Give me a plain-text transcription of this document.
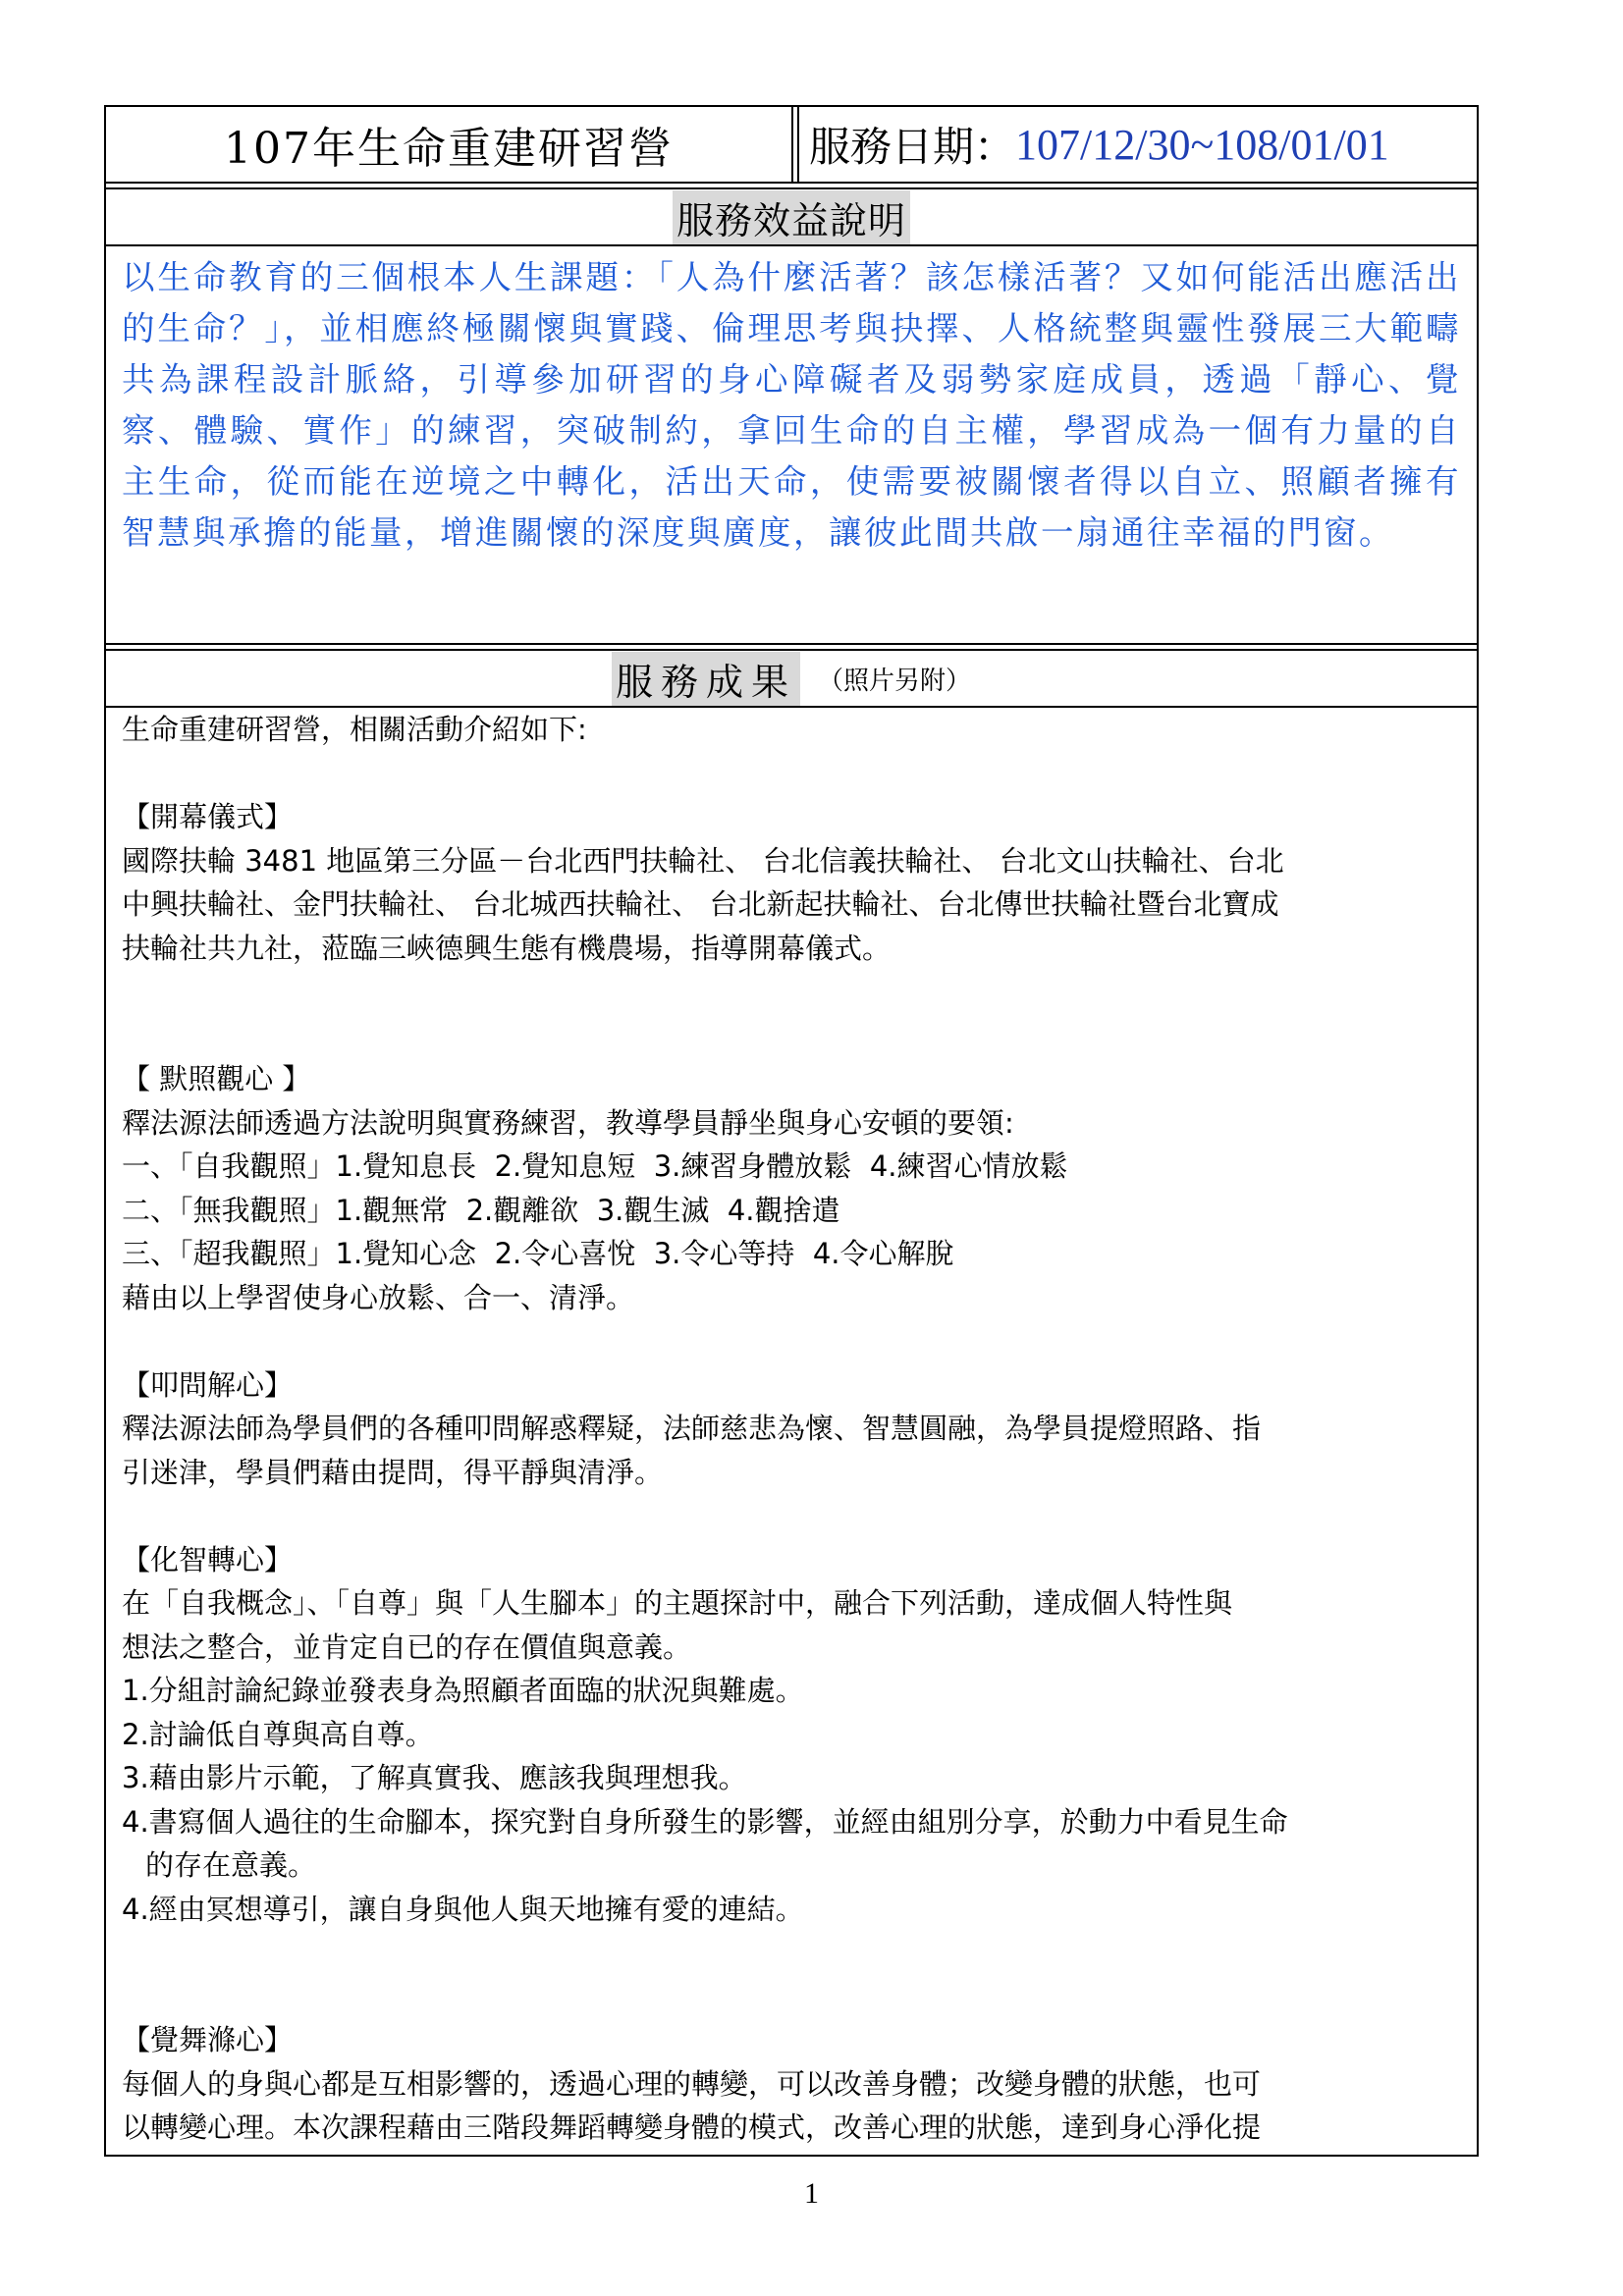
107年生命重建研習營	服務日期： 107/12/30~108/01/01
服務效益說明
以生命教育的三個根本人生課題：「人為什麼活著？該怎樣活著？又如何能活出應活出的生命？」，並相應終極關懷與實踐、倫理思考與抉擇、人格統整與靈性發展三大範疇共為課程設計脈絡，引導參加研習的身心障礙者及弱勢家庭成員，透過「靜心、覺察、體驗、實作」的練習，突破制約，拿回生命的自主權，學習成為一個有力量的自主生命，從而能在逆境之中轉化，活出天命，使需要被關懷者得以自立、照顧者擁有智慧與承擔的能量，增進關懷的深度與廣度，讓彼此間共啟一扇通往幸福的門窗。
服務成果 （照片另附）

生命重建研習營，相關活動介紹如下:

【開幕儀式】

國際扶輪 3481 地區第三分區－台北西門扶輪社、 台北信義扶輪社、 台北文山扶輪社、台北

中興扶輪社、金門扶輪社、 台北城西扶輪社、 台北新起扶輪社、台北傳世扶輪社暨台北寶成

扶輪社共九社，蒞臨三峽德興生態有機農場，指導開幕儀式。

【 默照觀心 】

釋法源法師透過方法說明與實務練習，教導學員靜坐與身心安頓的要領:

一、「自我觀照」1.覺知息長  2.覺知息短  3.練習身體放鬆  4.練習心情放鬆

二、「無我觀照」1.觀無常  2.觀離欲  3.觀生滅  4.觀捨遣

三、「超我觀照」1.覺知心念  2.令心喜悅  3.令心等持  4.令心解脫

藉由以上學習使身心放鬆、合一、清淨。

【叩問解心】

釋法源法師為學員們的各種叩問解惑釋疑，法師慈悲為懷、智慧圓融，為學員提燈照路、指

引迷津，學員們藉由提問，得平靜與清淨。

【化智轉心】

在「自我概念」、「自尊」與「人生腳本」的主題探討中，融合下列活動，達成個人特性與

想法之整合，並肯定自已的存在價值與意義。

1.分組討論紀錄並發表身為照顧者面臨的狀況與難處。

2.討論低自尊與高自尊。

3.藉由影片示範，了解真實我、應該我與理想我。

4.書寫個人過往的生命腳本，探究對自身所發生的影響，並經由組別分享，於動力中看見生命

的存在意義。

4.經由冥想導引，讓自身與他人與天地擁有愛的連結。

【覺舞滌心】

每個人的身與心都是互相影響的，透過心理的轉變，可以改善身體；改變身體的狀態，也可

以轉變心理。本次課程藉由三階段舞蹈轉變身體的模式，改善心理的狀態，達到身心淨化提

1
